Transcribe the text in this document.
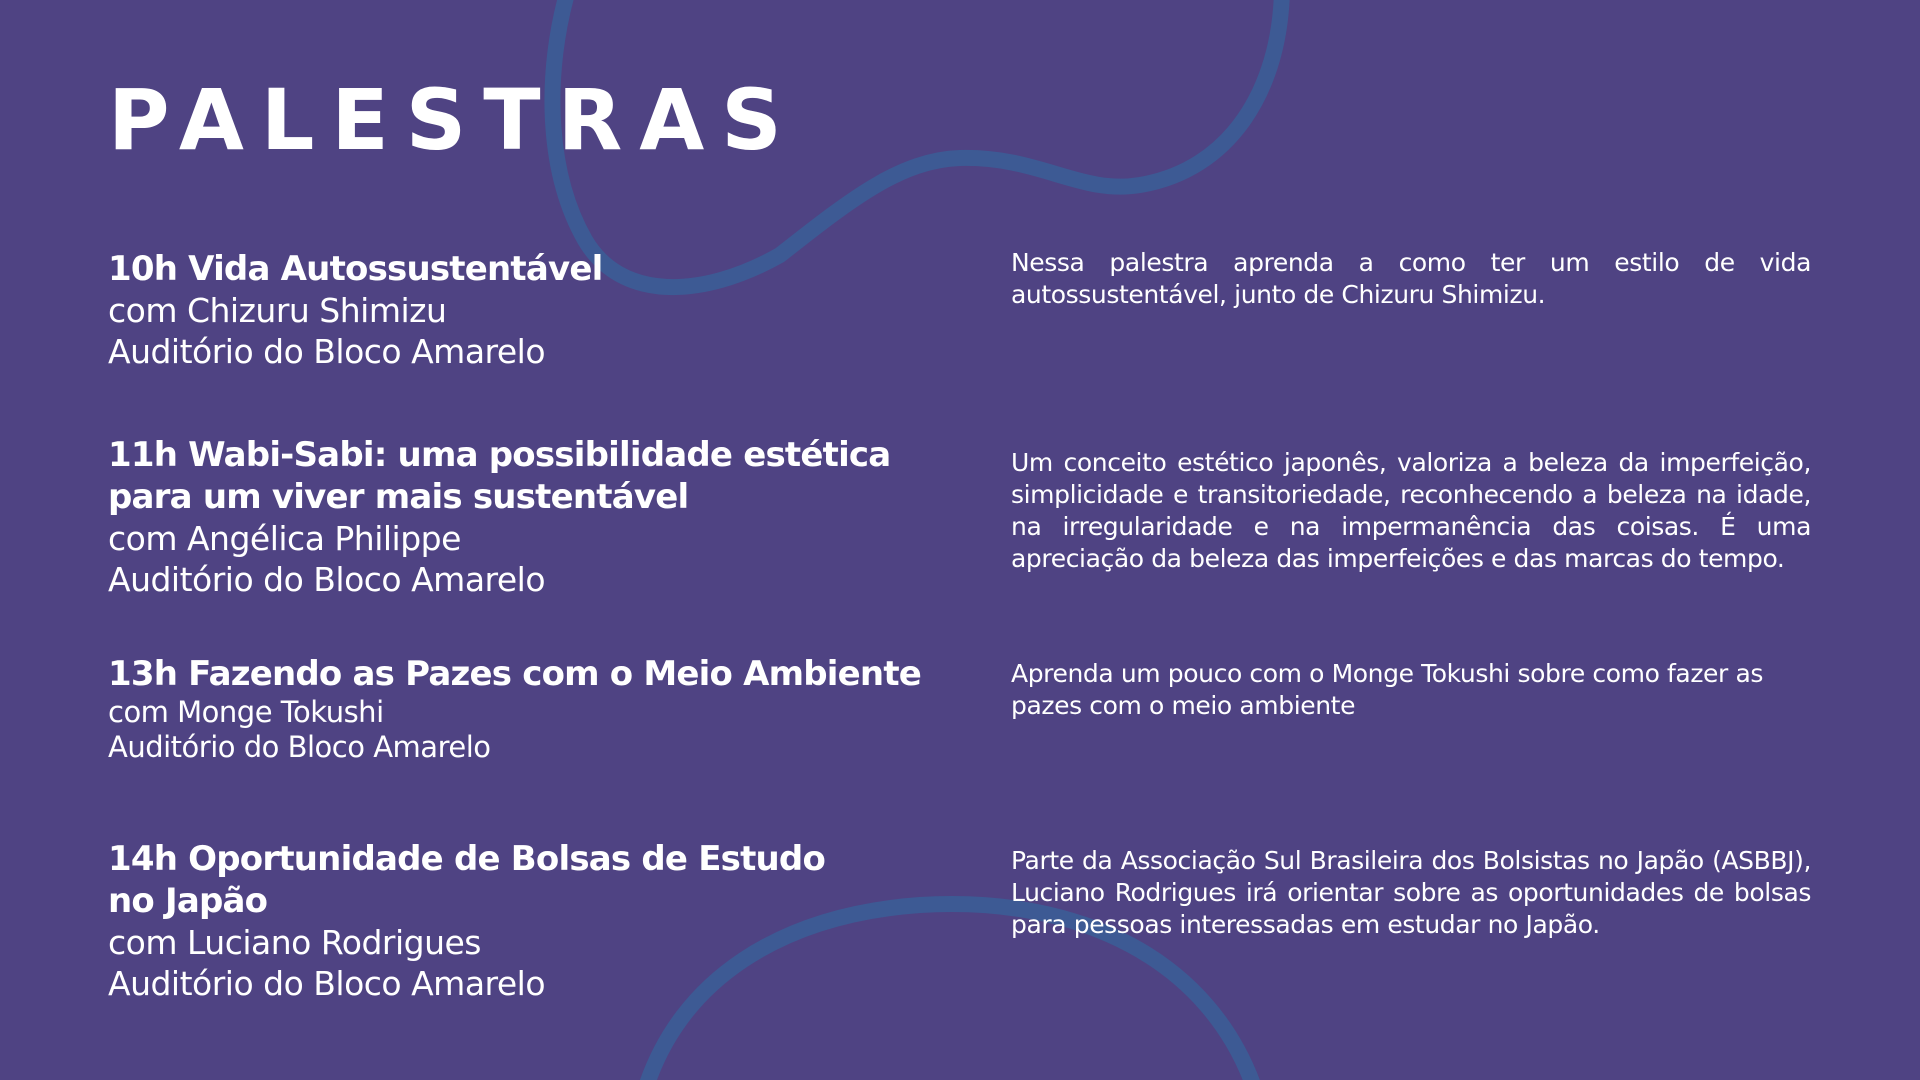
PALESTRAS
10h Vida Autossustentável
com Chizuru Shimizu
Auditório do Bloco Amarelo
Nessa palestra aprenda a como ter um estilo de vida autossustentável, junto de Chizuru Shimizu.
11h Wabi-Sabi: uma possibilidade estética para um viver mais sustentável
com Angélica Philippe
Auditório do Bloco Amarelo
Um conceito estético japonês, valoriza a beleza da imperfeição, simplicidade e transitoriedade, reconhecendo a beleza na idade, na irregularidade e na impermanência das coisas. É uma apreciação da beleza das imperfeições e das marcas do tempo.
13h Fazendo as Pazes com o Meio Ambiente
com Monge Tokushi
Auditório do Bloco Amarelo
Aprenda um pouco com o Monge Tokushi sobre como fazer as pazes com o meio ambiente
14h Oportunidade de Bolsas de Estudo no Japão
com Luciano Rodrigues
Auditório do Bloco Amarelo
Parte da Associação Sul Brasileira dos Bolsistas no Japão (ASBBJ), Luciano Rodrigues irá orientar sobre as oportunidades de bolsas para pessoas interessadas em estudar no Japão.
